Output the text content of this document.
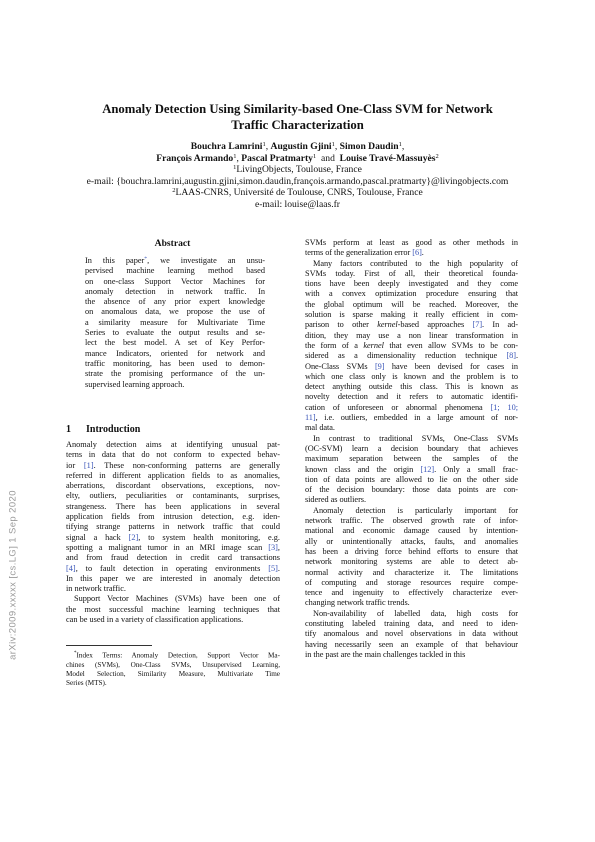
arXiv:2009.xxxxx [cs.LG] 1 Sep 2020
Anomaly Detection Using Similarity-based One-Class SVM for Network
Traffic Characterization
Bouchra Lamrini$^1$, Augustin Gjini$^1$, Simon Daudin$^1$,
François Armando$^1$, Pascal Pratmarty$^1$ and Louise Travé-Massuyès$^2$
$^1$LivingObjects, Toulouse, France
e-mail: {bouchra.lamrini,augustin.gjini,simon.daudin,françois.armando,pascal.pratmarty}@livingobjects.com
$^2$LAAS-CNRS, Université de Toulouse, CNRS, Toulouse, France
e-mail: louise@laas.fr
Abstract
In this paper*, we investigate an unsu-
pervised machine learning method based
on one-class Support Vector Machines for
anomaly detection in network traffic. In
the absence of any prior expert knowledge
on anomalous data, we propose the use of
a similarity measure for Multivariate Time
Series to evaluate the output results and se-
lect the best model. A set of Key Perfor-
mance Indicators, oriented for network and
traffic monitoring, has been used to demon-
strate the promising performance of the un-
supervised learning approach.
1 Introduction
Anomaly detection aims at identifying unusual pat-
terns in data that do not conform to expected behav-
ior [1]. These non-conforming patterns are generally
referred in different application fields to as anomalies,
aberrations, discordant observations, exceptions, nov-
elty, outliers, peculiarities or contaminants, surprises,
strangeness. There has been applications in several
application fields from intrusion detection, e.g. iden-
tifying strange patterns in network traffic that could
signal a hack [2], to system health monitoring, e.g.
spotting a malignant tumor in an MRI image scan [3],
and from fraud detection in credit card transactions
[4], to fault detection in operating environments [5].
In this paper we are interested in anomaly detection
in network traffic.
Support Vector Machines (SVMs) have been one of
the most successful machine learning techniques that
can be used in a variety of classification applications.
*Index Terms: Anomaly Detection, Support Vector Ma-
chines (SVMs), One-Class SVMs, Unsupervised Learning,
Model Selection, Similarity Measure, Multivariate Time
Series (MTS).
SVMs perform at least as good as other methods in
terms of the generalization error [6].
Many factors contributed to the high popularity of
SVMs today. First of all, their theoretical founda-
tions have been deeply investigated and they come
with a convex optimization procedure ensuring that
the global optimum will be reached. Moreover, the
solution is sparse making it really efficient in com-
parison to other kernel-based approaches [7]. In ad-
dition, they may use a non linear transformation in
the form of a kernel that even allow SVMs to be con-
sidered as a dimensionality reduction technique [8].
One-Class SVMs [9] have been devised for cases in
which one class only is known and the problem is to
detect anything outside this class. This is known as
novelty detection and it refers to automatic identifi-
cation of unforeseen or abnormal phenomena [1; 10;
11], i.e. outliers, embedded in a large amount of nor-
mal data.
In contrast to traditional SVMs, One-Class SVMs
(OC-SVM) learn a decision boundary that achieves
maximum separation between the samples of the
known class and the origin [12]. Only a small frac-
tion of data points are allowed to lie on the other side
of the decision boundary: those data points are con-
sidered as outliers.
Anomaly detection is particularly important for
network traffic. The observed growth rate of infor-
mational and economic damage caused by intention-
ally or unintentionally attacks, faults, and anomalies
has been a driving force behind efforts to ensure that
network monitoring systems are able to detect ab-
normal activity and characterize it. The limitations
of computing and storage resources require compe-
tence and ingenuity to effectively characterize ever-
changing network traffic trends.
Non-availability of labelled data, high costs for
constituting labeled training data, and need to iden-
tify anomalous and novel observations in data without
having necessarily seen an example of that behaviour
in the past are the main challenges tackled in this
